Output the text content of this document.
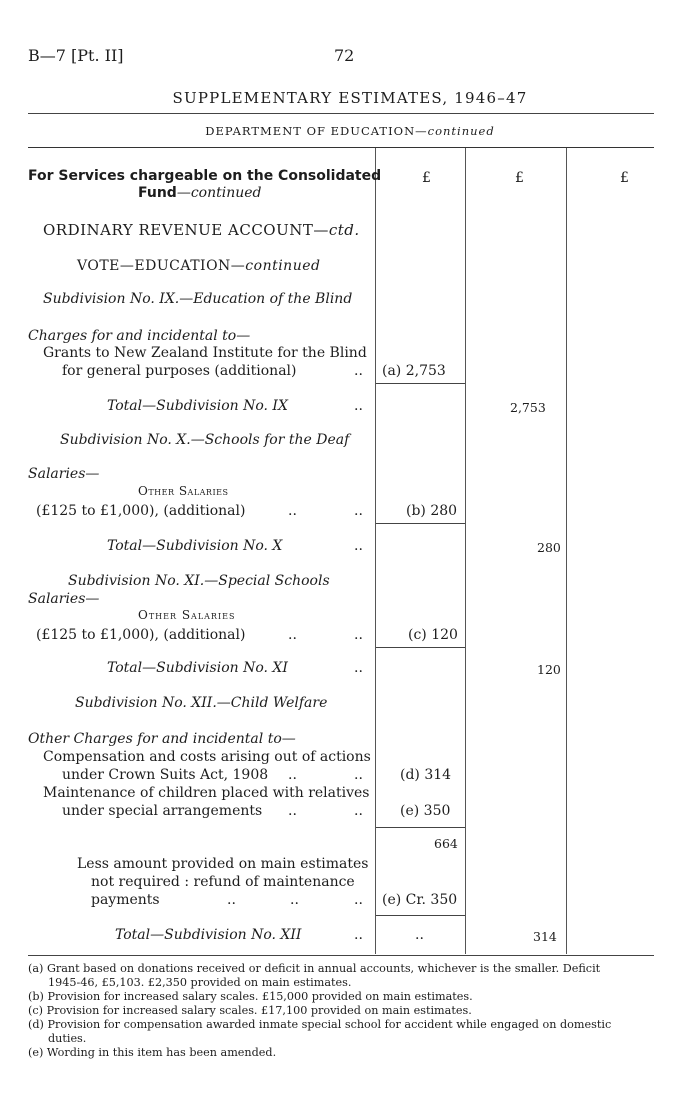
B—7 [Pt. II]	72
SUPPLEMENTARY ESTIMATES, 1946–47
DEPARTMENT OF EDUCATION—continued
£	£	£
For Services chargeable on the Consolidated
Fund—continued
ORDINARY REVENUE ACCOUNT—ctd.
VOTE—EDUCATION—continued
Subdivision No. IX.—Education of the Blind
Charges for and incidental to—
Grants to New Zealand Institute for the Blind
for general purposes (additional)	.. (a) 2,753
Total—Subdivision No. IX	..	2,753
Subdivision No. X.—Schools for the Deaf
Salaries—
Other Salaries
(£125 to £1,000), (additional)	..	..	(b) 280
Total—Subdivision No. X	..	280
Subdivision No. XI.—Special Schools
Salaries—
Other Salaries
(£125 to £1,000), (additional)	..	..	(c) 120
Total—Subdivision No. XI	..	120
Subdivision No. XII.—Child Welfare
Other Charges for and incidental to—
Compensation and costs arising out of actions
under Crown Suits Act, 1908 ..	..	(d) 314
Maintenance of children placed with relatives
under special arrangements ..	..	(e) 350
664
Less amount provided on main estimates
not required : refund of maintenance
payments	..	..	.. (e) Cr. 350
Total—Subdivision No. XII	..	..	314
(a) Grant based on donations received or deficit in annual accounts, whichever is the smaller. Deficit
1945-46, £5,103. £2,350 provided on main estimates.
(b) Provision for increased salary scales. £15,000 provided on main estimates.
(c) Provision for increased salary scales. £17,100 provided on main estimates.
(d) Provision for compensation awarded inmate special school for accident while engaged on domestic
duties.
(e) Wording in this item has been amended.
